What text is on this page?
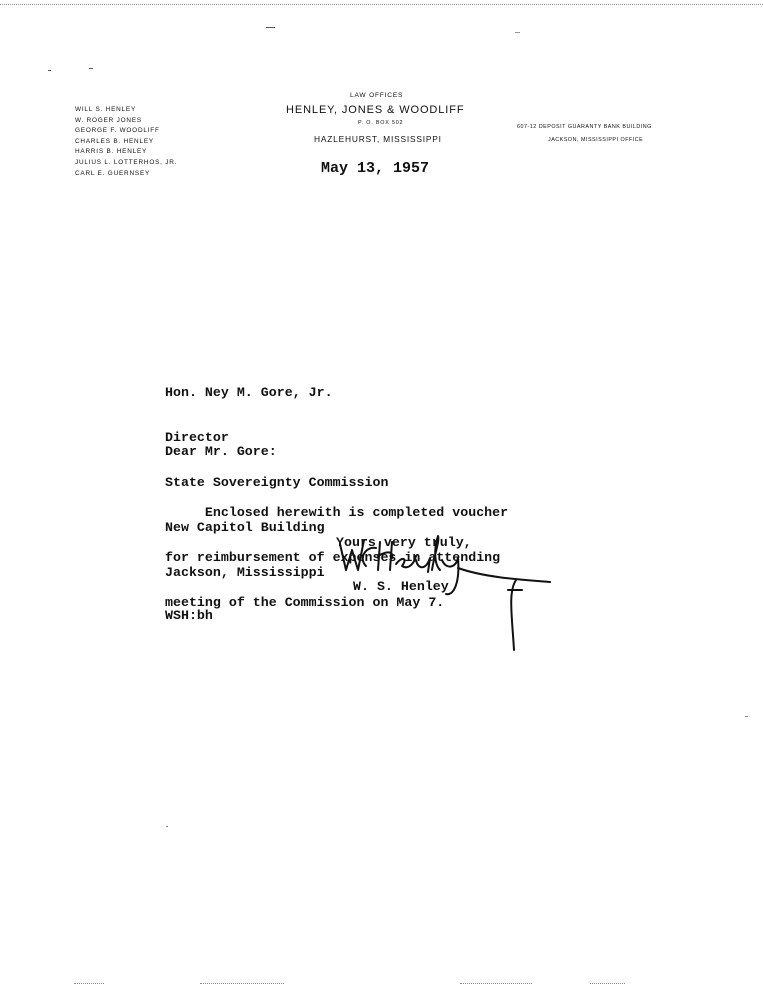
WILL S. HENLEY
W. ROGER JONES
GEORGE F. WOODLIFF
CHARLES B. HENLEY
HARRIS B. HENLEY
JULIUS L. LOTTERHOS, JR.
CARL E. GUERNSEY
LAW OFFICES
HENLEY, JONES & WOODLIFF
P. O. BOX 502
HAZLEHURST, MISSISSIPPI
607-12 DEPOSIT GUARANTY BANK BUILDING
JACKSON, MISSISSIPPI OFFICE
May 13, 1957

Hon. Ney M. Gore, Jr.

Director

State Sovereignty Commission

New Capitol Building

Jackson, Mississippi

Dear Mr. Gore:

Enclosed herewith is completed voucher

for reimbursement of expenses in attending

meeting of the Commission on May 7.

Yours very truly,
W. S. Henley
WSH:bh
